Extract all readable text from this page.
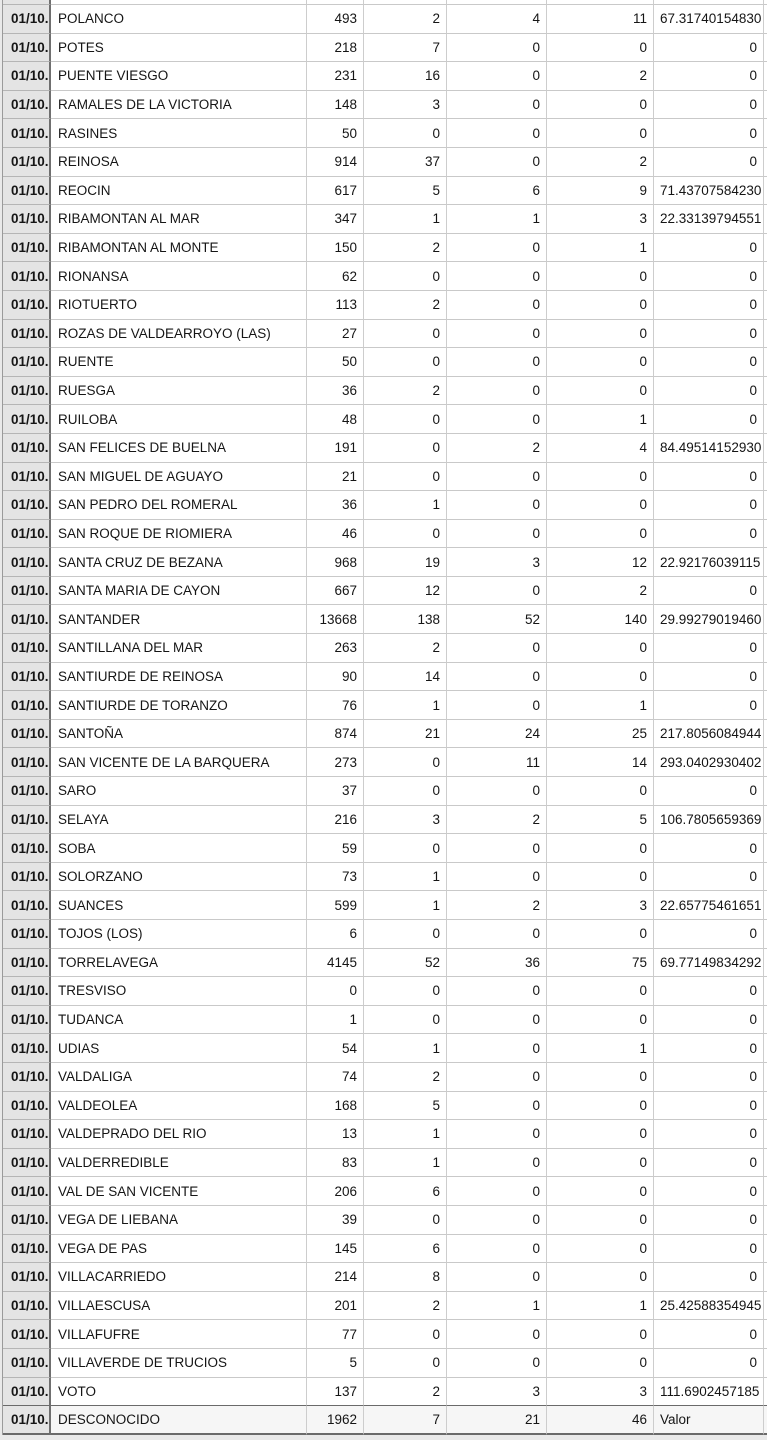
01/10.	POLANCO	493	2	4	11	67.31740154830	
01/10.	POTES	218	7	0	0	0	
01/10.	PUENTE VIESGO	231	16	0	2	0	
01/10.	RAMALES DE LA VICTORIA	148	3	0	0	0	
01/10.	RASINES	50	0	0	0	0	
01/10.	REINOSA	914	37	0	2	0	
01/10.	REOCIN	617	5	6	9	71.43707584230	
01/10.	RIBAMONTAN AL MAR	347	1	1	3	22.33139794551	
01/10.	RIBAMONTAN AL MONTE	150	2	0	1	0	
01/10.	RIONANSA	62	0	0	0	0	
01/10.	RIOTUERTO	113	2	0	0	0	
01/10.	ROZAS DE VALDEARROYO (LAS)	27	0	0	0	0	
01/10.	RUENTE	50	0	0	0	0	
01/10.	RUESGA	36	2	0	0	0	
01/10.	RUILOBA	48	0	0	1	0	
01/10.	SAN FELICES DE BUELNA	191	0	2	4	84.49514152930	
01/10.	SAN MIGUEL DE AGUAYO	21	0	0	0	0	
01/10.	SAN PEDRO DEL ROMERAL	36	1	0	0	0	
01/10.	SAN ROQUE DE RIOMIERA	46	0	0	0	0	
01/10.	SANTA CRUZ DE BEZANA	968	19	3	12	22.92176039115	
01/10.	SANTA MARIA DE CAYON	667	12	0	2	0	
01/10.	SANTANDER	13668	138	52	140	29.99279019460	
01/10.	SANTILLANA DEL MAR	263	2	0	0	0	
01/10.	SANTIURDE DE REINOSA	90	14	0	0	0	
01/10.	SANTIURDE DE TORANZO	76	1	0	1	0	
01/10.	SANTOÑA	874	21	24	25	217.8056084944	
01/10.	SAN VICENTE DE LA BARQUERA	273	0	11	14	293.0402930402	
01/10.	SARO	37	0	0	0	0	
01/10.	SELAYA	216	3	2	5	106.7805659369	
01/10.	SOBA	59	0	0	0	0	
01/10.	SOLORZANO	73	1	0	0	0	
01/10.	SUANCES	599	1	2	3	22.65775461651	
01/10.	TOJOS (LOS)	6	0	0	0	0	
01/10.	TORRELAVEGA	4145	52	36	75	69.77149834292	
01/10.	TRESVISO	0	0	0	0	0	
01/10.	TUDANCA	1	0	0	0	0	
01/10.	UDIAS	54	1	0	1	0	
01/10.	VALDALIGA	74	2	0	0	0	
01/10.	VALDEOLEA	168	5	0	0	0	
01/10.	VALDEPRADO DEL RIO	13	1	0	0	0	
01/10.	VALDERREDIBLE	83	1	0	0	0	
01/10.	VAL DE SAN VICENTE	206	6	0	0	0	
01/10.	VEGA DE LIEBANA	39	0	0	0	0	
01/10.	VEGA DE PAS	145	6	0	0	0	
01/10.	VILLACARRIEDO	214	8	0	0	0	
01/10.	VILLAESCUSA	201	2	1	1	25.42588354945	
01/10.	VILLAFUFRE	77	0	0	0	0	
01/10.	VILLAVERDE DE TRUCIOS	5	0	0	0	0	
01/10.	VOTO	137	2	3	3	111.6902457185	
01/10.	DESCONOCIDO	1962	7	21	46	Valor	
